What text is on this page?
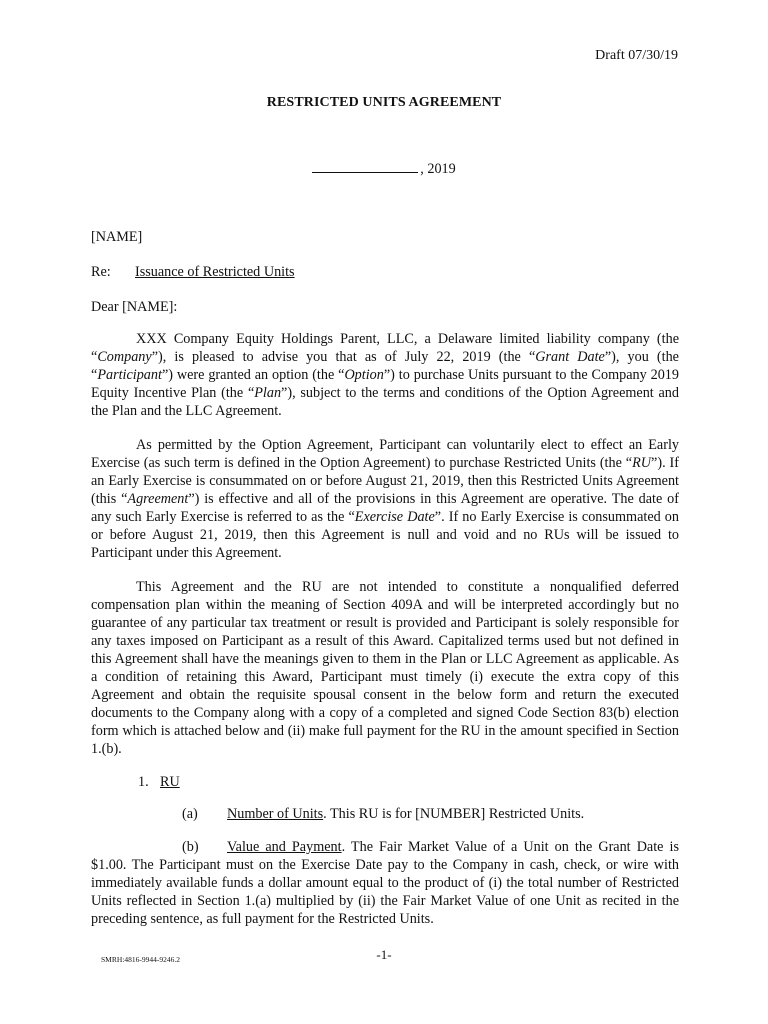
Draft 07/30/19
RESTRICTED UNITS AGREEMENT
, 2019
[NAME]
Re: Issuance of Restricted Units
Dear [NAME]:

XXX Company Equity Holdings Parent, LLC, a Delaware limited liability company (the “Company”), is pleased to advise you that as of July 22, 2019 (the “Grant Date”), you (the “Participant”) were granted an option (the “Option”) to purchase Units pursuant to the Company 2019 Equity Incentive Plan (the “Plan”), subject to the terms and conditions of the Option Agreement and the Plan and the LLC Agreement.

As permitted by the Option Agreement, Participant can voluntarily elect to effect an Early Exercise (as such term is defined in the Option Agreement) to purchase Restricted Units (the “RU”). If an Early Exercise is consummated on or before August 21, 2019, then this Restricted Units Agreement (this “Agreement”) is effective and all of the provisions in this Agreement are operative. The date of any such Early Exercise is referred to as the “Exercise Date”. If no Early Exercise is consummated on or before August 21, 2019, then this Agreement is null and void and no RUs will be issued to Participant under this Agreement.

This Agreement and the RU are not intended to constitute a nonqualified deferred compensation plan within the meaning of Section 409A and will be interpreted accordingly but no guarantee of any particular tax treatment or result is provided and Participant is solely responsible for any taxes imposed on Participant as a result of this Award. Capitalized terms used but not defined in this Agreement shall have the meanings given to them in the Plan or LLC Agreement as applicable. As a condition of retaining this Award, Participant must timely (i) execute the extra copy of this Agreement and obtain the requisite spousal consent in the below form and return the executed documents to the Company along with a copy of a completed and signed Code Section 83(b) election form which is attached below and (ii) make full payment for the RU in the amount specified in Section 1.(b).

1. RU
(a) Number of Units. This RU is for [NUMBER] Restricted Units.

(b) Value and Payment. The Fair Market Value of a Unit on the Grant Date is $1.00. The Participant must on the Exercise Date pay to the Company in cash, check, or wire with immediately available funds a dollar amount equal to the product of (i) the total number of Restricted Units reflected in Section 1.(a) multiplied by (ii) the Fair Market Value of one Unit as recited in the preceding sentence, as full payment for the Restricted Units.

SMRH:4816-9944-9246.2	-1-
